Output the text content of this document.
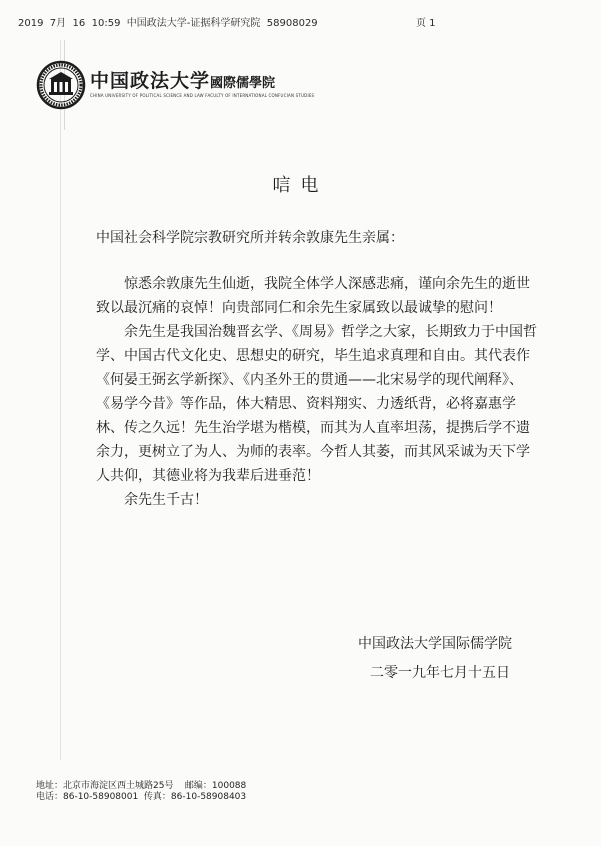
2019  7月  16  10:59 中国政法大学-证据科学研究院 58908029	页 1
中国政法大学國際儒學院
CHINA UNIVERSITY OF POLITICAL SCIENCE AND LAW FACULTY OF INTERNATIONAL CONFUCIAN STUDIES
唁电

中国社会科学院宗教研究所并转余敦康先生亲属：

惊悉余敦康先生仙逝，我院全体学人深感悲痛，谨向余先生的逝世致以最沉痛的哀悼！向贵部同仁和余先生家属致以最诚挚的慰问！

余先生是我国治魏晋玄学、《周易》哲学之大家，长期致力于中国哲学、中国古代文化史、思想史的研究，毕生追求真理和自由。其代表作《何晏王弼玄学新探》、《内圣外王的贯通——北宋易学的现代阐释》、《易学今昔》等作品，体大精思、资料翔实、力透纸背，必将嘉惠学林、传之久远！先生治学堪为楷模，而其为人直率坦荡，提携后学不遗余力，更树立了为人、为师的表率。今哲人其萎，而其风采诚为天下学人共仰，其德业将为我辈后进垂范！

余先生千古！

中国政法大学国际儒学院
二零一九年七月十五日
地址：北京市海淀区西土城路25号    邮编：100088
电话：86-10-58908001  传真：86-10-58908403
